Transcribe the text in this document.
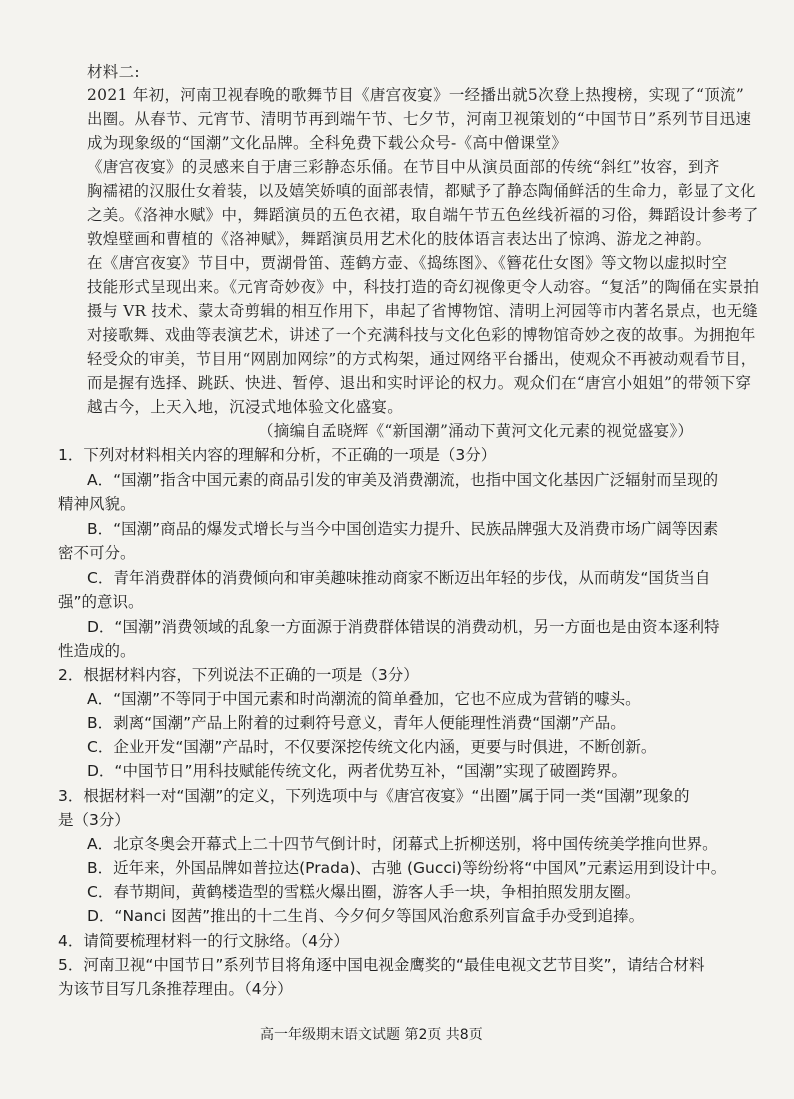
材料二:
2021 年初，河南卫视春晚的歌舞节目《唐宫夜宴》一经播出就5次登上热搜榜，实现了“顶流”
出圈。从春节、元宵节、清明节再到端午节、七夕节，河南卫视策划的“中国节日”系列节目迅速
成为现象级的“国潮”文化品牌。全科免费下载公众号-《高中僧课堂》
《唐宫夜宴》的灵感来自于唐三彩静态乐俑。在节目中从演员面部的传统“斜红”妆容，到齐
胸襦裙的汉服仕女着装，以及嬉笑娇嗔的面部表情，都赋予了静态陶俑鲜活的生命力，彰显了文化
之美。《洛神水赋》中，舞蹈演员的五色衣裙，取自端午节五色丝线祈福的习俗，舞蹈设计参考了
敦煌壁画和曹植的《洛神赋》，舞蹈演员用艺术化的肢体语言表达出了惊鸿、游龙之神韵。
在《唐宫夜宴》节目中，贾湖骨笛、莲鹤方壶、《捣练图》、《簪花仕女图》等文物以虚拟时空
技能形式呈现出来。《元宵奇妙夜》中，科技打造的奇幻视像更令人动容。“复活”的陶俑在实景拍
摄与 VR 技术、蒙太奇剪辑的相互作用下，串起了省博物馆、清明上河园等市内著名景点，也无缝
对接歌舞、戏曲等表演艺术，讲述了一个充满科技与文化色彩的博物馆奇妙之夜的故事。为拥抱年
轻受众的审美，节目用“网剧加网综”的方式构架，通过网络平台播出，使观众不再被动观看节目，
而是握有选择、跳跃、快进、暂停、退出和实时评论的权力。观众们在“唐宫小姐姐”的带领下穿
越古今，上天入地，沉浸式地体验文化盛宴。
（摘编自孟晓辉《“新国潮”涌动下黄河文化元素的视觉盛宴》）
1．下列对材料相关内容的理解和分析，不正确的一项是（3分）
A．“国潮”指含中国元素的商品引发的审美及消费潮流，也指中国文化基因广泛辐射而呈现的
精神风貌。
B．“国潮”商品的爆发式增长与当今中国创造实力提升、民族品牌强大及消费市场广阔等因素
密不可分。
C．青年消费群体的消费倾向和审美趣味推动商家不断迈出年轻的步伐，从而萌发“国货当自
强”的意识。
D．“国潮”消费领域的乱象一方面源于消费群体错误的消费动机，另一方面也是由资本逐利特
性造成的。
2．根据材料内容，下列说法不正确的一项是（3分）
A．“国潮”不等同于中国元素和时尚潮流的简单叠加，它也不应成为营销的噱头。
B．剥离“国潮”产品上附着的过剩符号意义，青年人便能理性消费“国潮”产品。
C．企业开发“国潮”产品时，不仅要深挖传统文化内涵，更要与时俱进，不断创新。
D．“中国节日”用科技赋能传统文化，两者优势互补，“国潮”实现了破圈跨界。
3．根据材料一对“国潮”的定义，下列选项中与《唐宫夜宴》“出圈”属于同一类“国潮”现象的
是（3分）
A．北京冬奥会开幕式上二十四节气倒计时，闭幕式上折柳送别，将中国传统美学推向世界。
B．近年来，外国品牌如普拉达(Prada)、古驰 (Gucci)等纷纷将“中国风”元素运用到设计中。
C．春节期间，黄鹤楼造型的雪糕火爆出圈，游客人手一块，争相拍照发朋友圈。
D．“Nanci 囡茜”推出的十二生肖、今夕何夕等国风治愈系列盲盒手办受到追捧。
4．请简要梳理材料一的行文脉络。（4分）
5．河南卫视“中国节日”系列节目将角逐中国电视金鹰奖的“最佳电视文艺节目奖”，请结合材料
为该节目写几条推荐理由。（4分）
高一年级期末语文试题 第2页 共8页
